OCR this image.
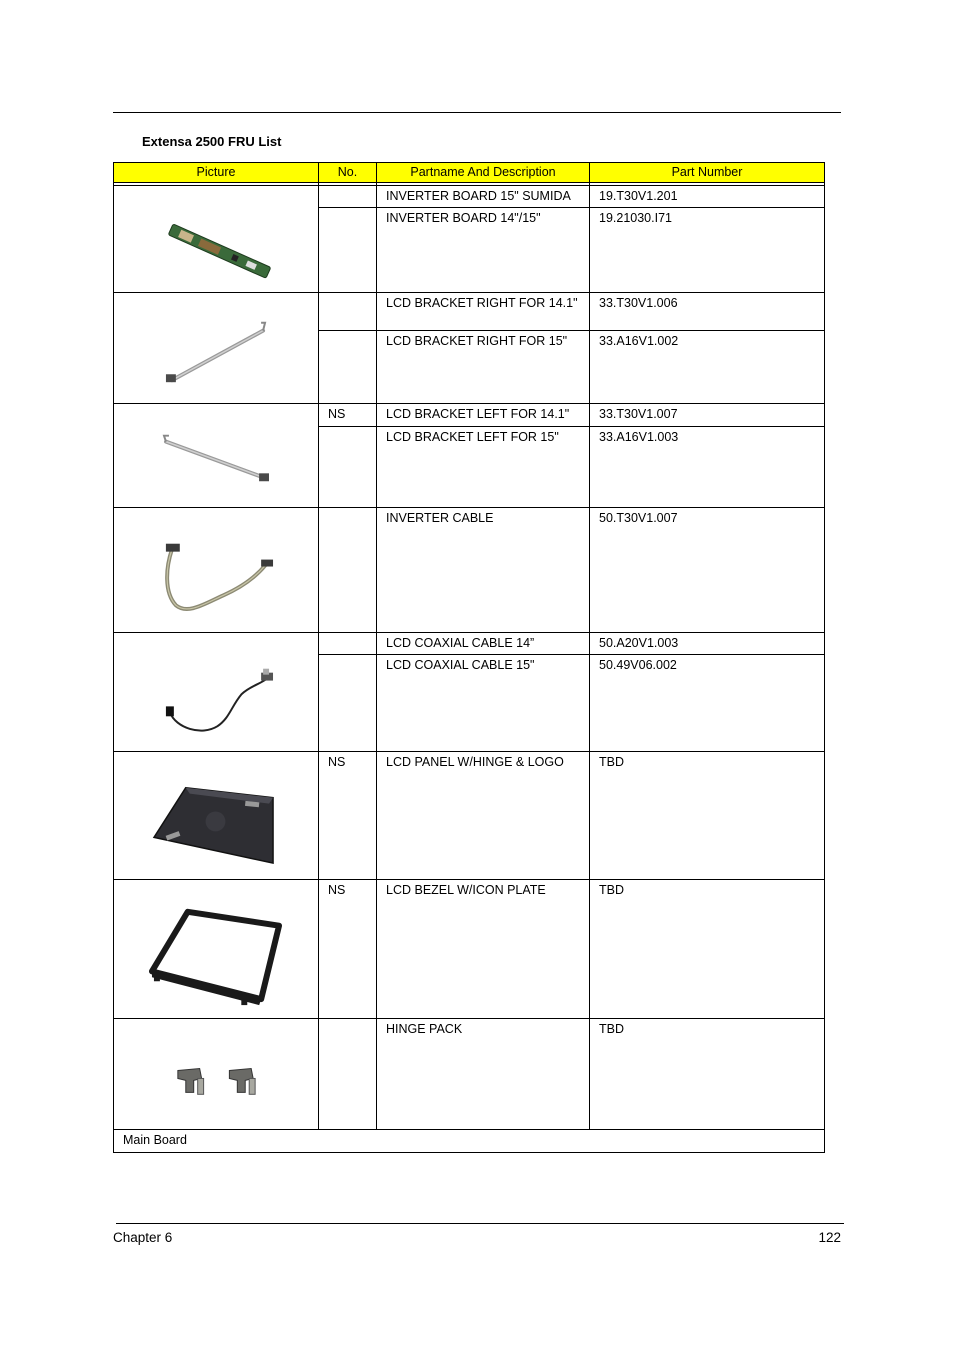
Extensa 2500 FRU List
Picture	No.	Partname And Description	Part Number

		INVERTER BOARD 15" SUMIDA	19.T30V1.201
		INVERTER BOARD 14"/15"	19.21030.I71

		LCD BRACKET RIGHT FOR 14.1"	33.T30V1.006
		LCD BRACKET RIGHT FOR 15"	33.A16V1.002

	NS	LCD BRACKET LEFT FOR 14.1"	33.T30V1.007
		LCD BRACKET LEFT FOR 15"	33.A16V1.003

		INVERTER CABLE	50.T30V1.007

		LCD COAXIAL CABLE 14”	50.A20V1.003
		LCD COAXIAL CABLE 15"	50.49V06.002

	NS	LCD PANEL W/HINGE & LOGO	TBD

	NS	LCD BEZEL W/ICON PLATE	TBD

		HINGE PACK	TBD
Main Board			
Chapter 6	122
